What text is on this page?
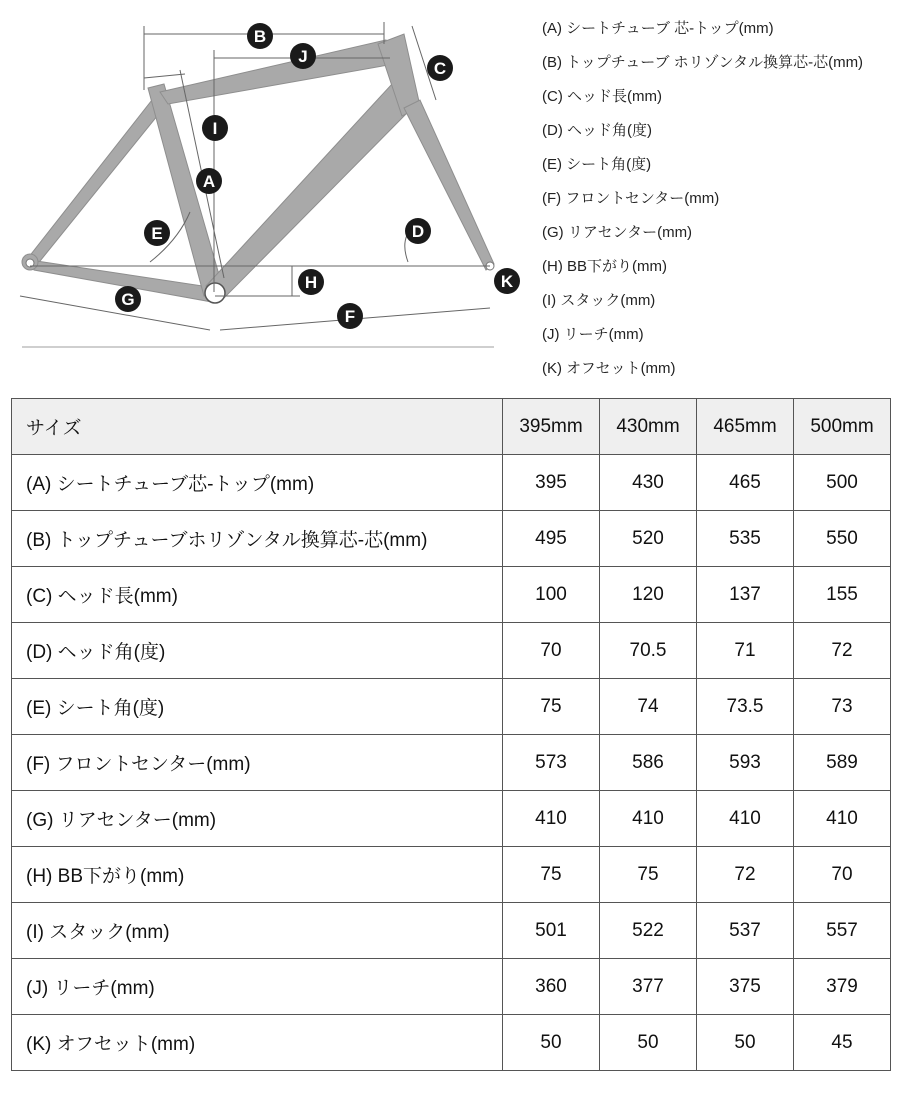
A
B
C
D
E
F
G
H
I
J
K
(A) シートチューブ 芯-トップ(mm)
(B) トップチューブ ホリゾンタル換算芯-芯(mm)
(C) ヘッド長(mm)
(D) ヘッド角(度)
(E) シート角(度)
(F) フロントセンター(mm)
(G) リアセンター(mm)
(H) BB下がり(mm)
(I) スタック(mm)
(J) リーチ(mm)
(K) オフセット(mm)
サイズ	395mm	430mm	465mm	500mm
(A) シートチューブ芯-トップ(mm)	395	430	465	500
(B) トップチューブホリゾンタル換算芯-芯(mm)	495	520	535	550
(C) ヘッド長(mm)	100	120	137	155
(D) ヘッド角(度)	70	70.5	71	72
(E) シート角(度)	75	74	73.5	73
(F) フロントセンター(mm)	573	586	593	589
(G) リアセンター(mm)	410	410	410	410
(H) BB下がり(mm)	75	75	72	70
(I) スタック(mm)	501	522	537	557
(J) リーチ(mm)	360	377	375	379
(K) オフセット(mm)	50	50	50	45
